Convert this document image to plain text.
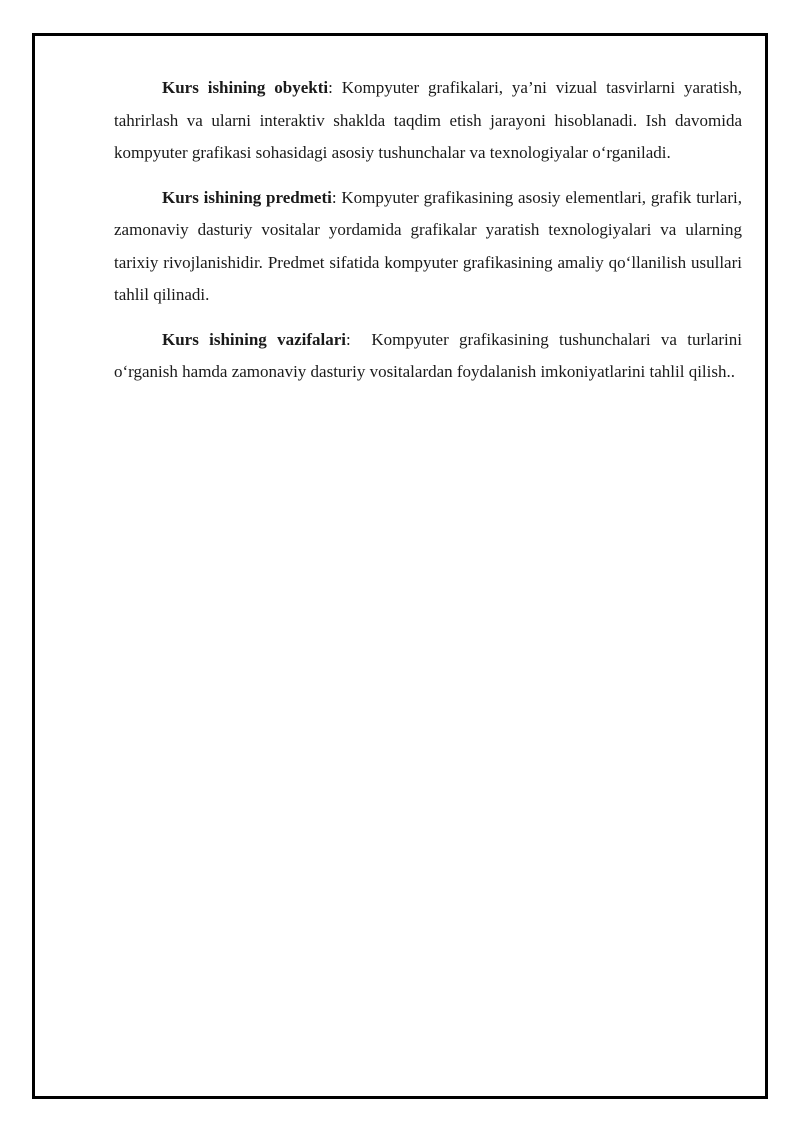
Kurs ishining obyekti: Kompyuter grafikalari, ya’ni vizual tasvirlarni yaratish, tahrirlash va ularni interaktiv shaklda taqdim etish jarayoni hisoblanadi. Ish davomida kompyuter grafikasi sohasidagi asosiy tushunchalar va texnologiyalar o‘rganiladi.

Kurs ishining predmeti: Kompyuter grafikasining asosiy elementlari, grafik turlari, zamonaviy dasturiy vositalar yordamida grafikalar yaratish texnologiyalari va ularning tarixiy rivojlanishidir. Predmet sifatida kompyuter grafikasining amaliy qo‘llanilish usullari tahlil qilinadi.

Kurs ishining vazifalari:  Kompyuter grafikasining tushunchalari va turlarini o‘rganish hamda zamonaviy dasturiy vositalardan foydalanish imkoniyatlarini tahlil qilish..
